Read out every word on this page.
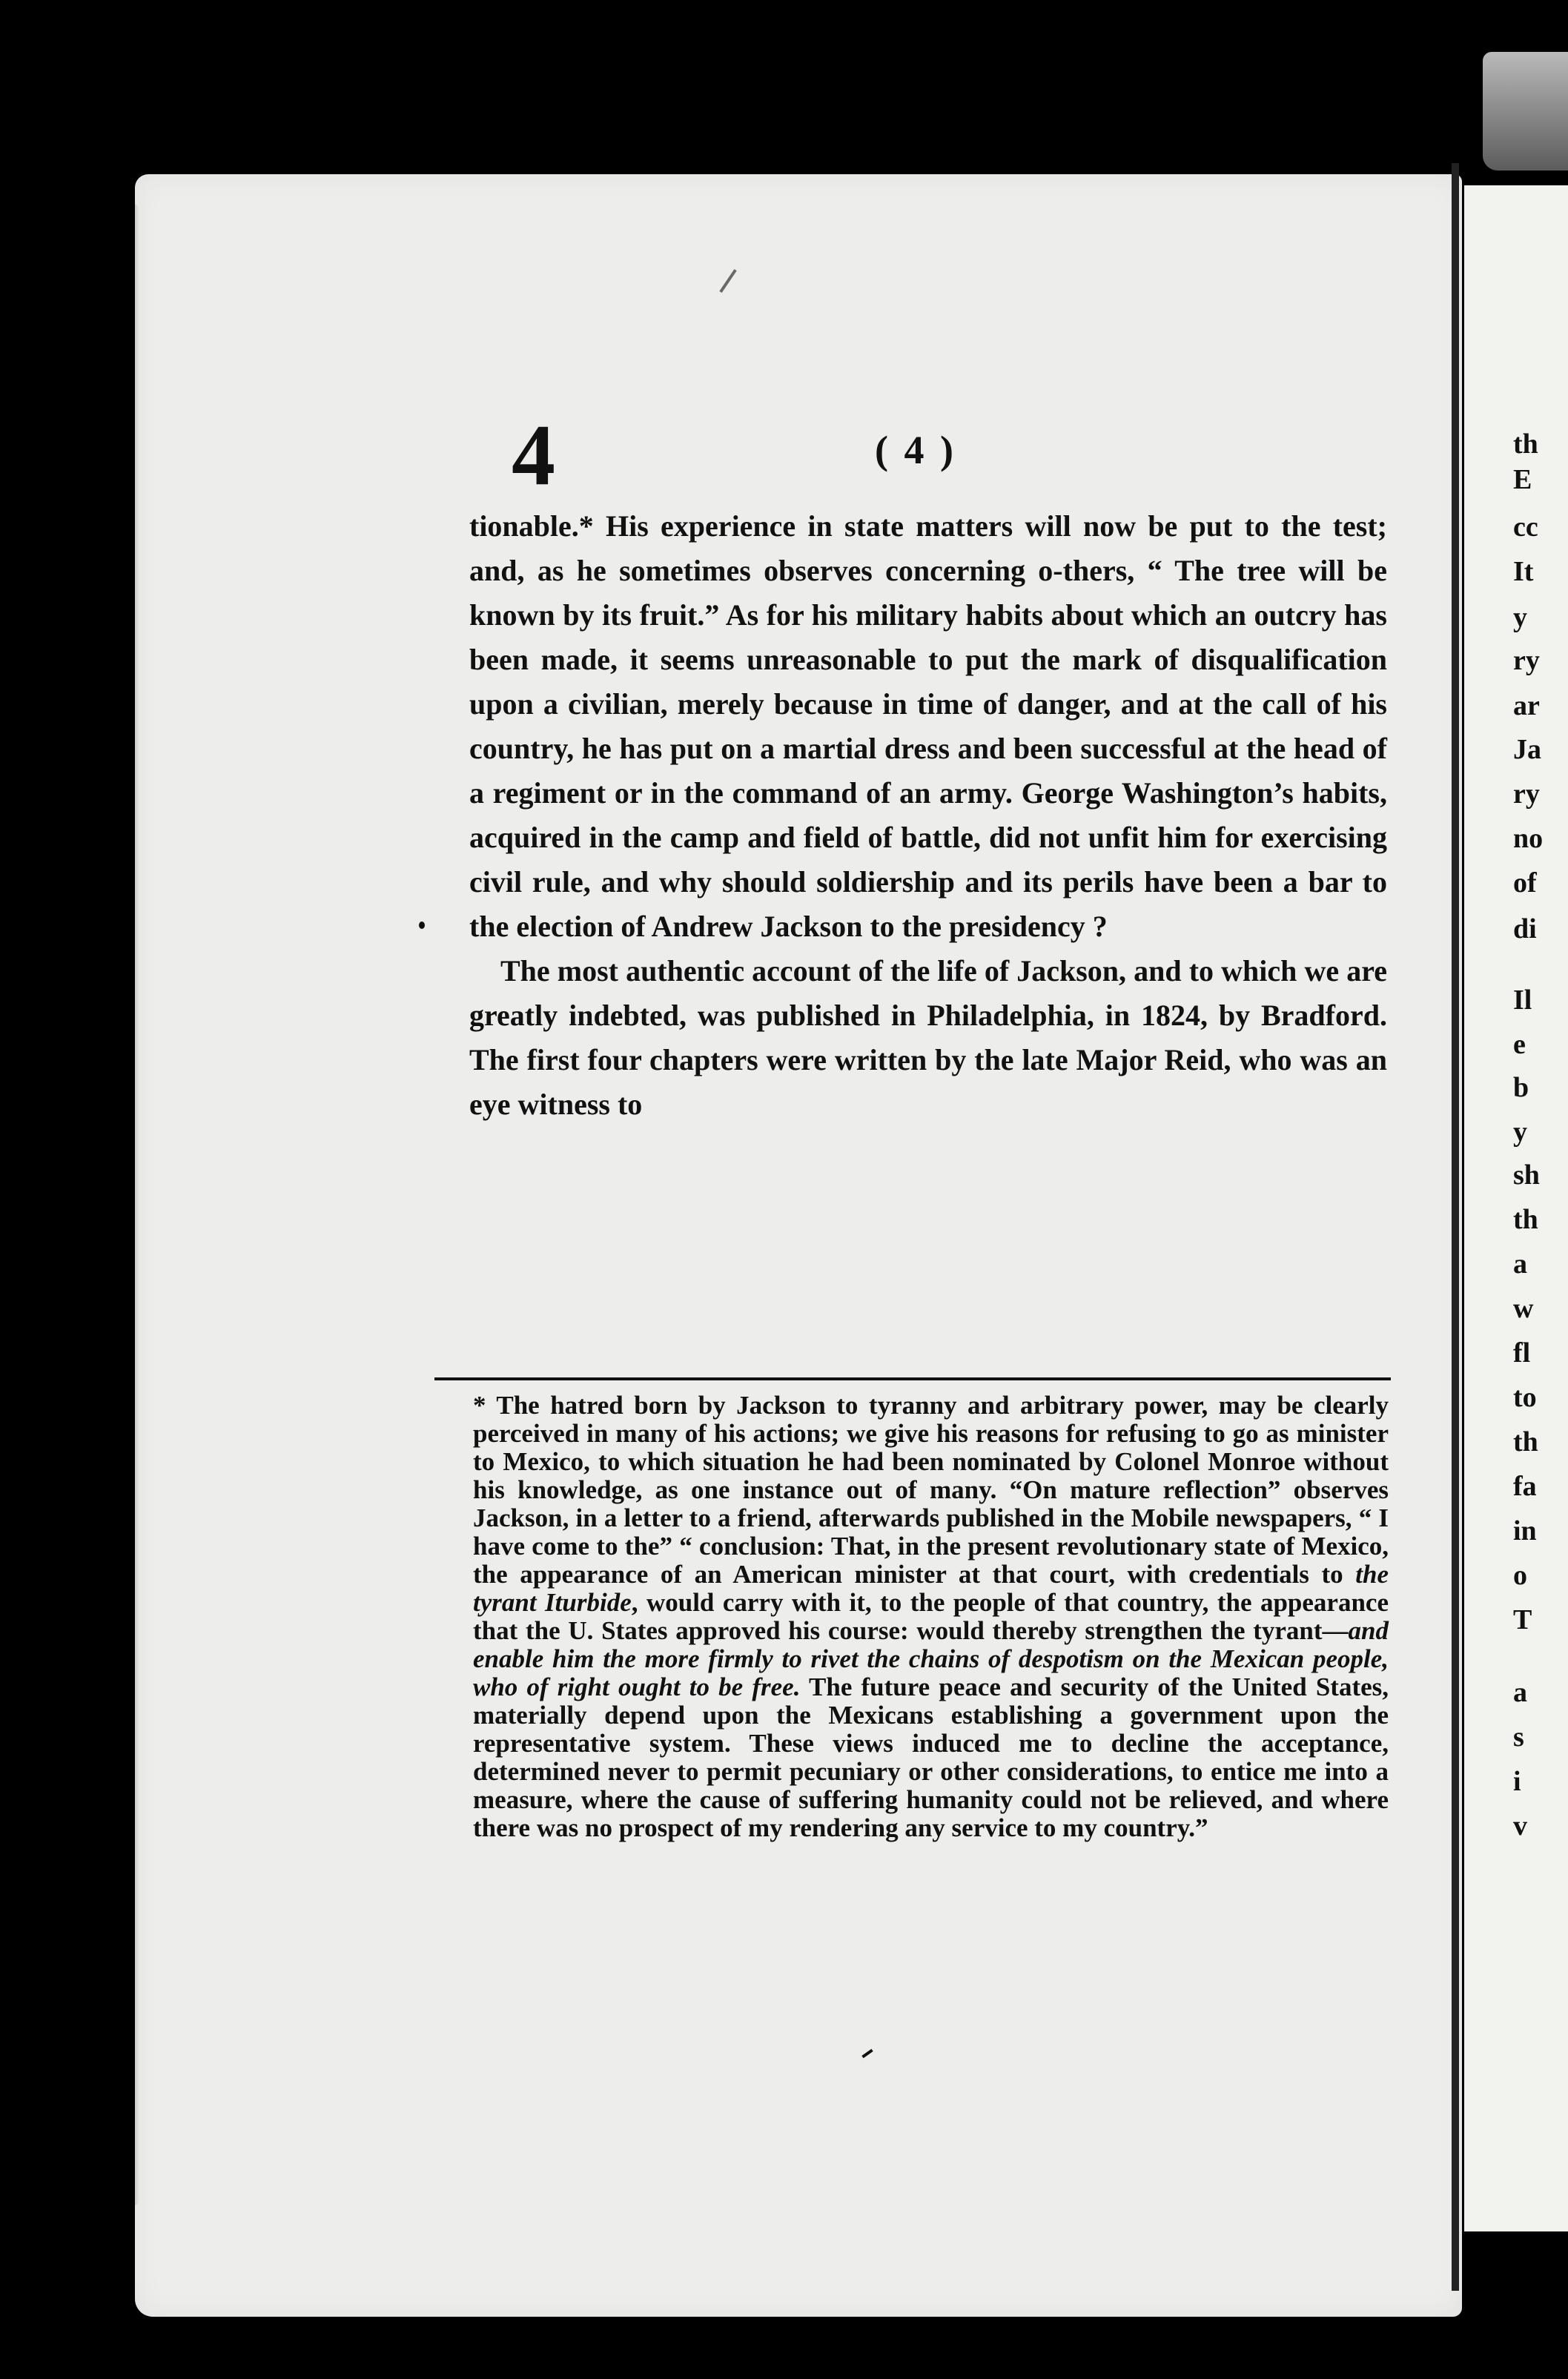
th
E
cc
It
y
ry
ar
Ja
ry
no
of
di
Il
e
b
y
sh
th
a
w
fl
to
th
fa
in
o
T
a
s
i
v
4	( 4 )

tionable.* His experience in state matters will now be put to the test; and, as he sometimes observes concerning o-thers, “ The tree will be known by its fruit.” As for his military habits about which an outcry has been made, it seems unreasonable to put the mark of disqualification upon a civilian, merely because in time of danger, and at the call of his country, he has put on a martial dress and been successful at the head of a regiment or in the command of an army. George Washington’s habits, acquired in the camp and field of battle, did not unfit him for exercising civil rule, and why should soldiership and its perils have been a bar to the election of Andrew Jackson to the presidency ?

The most authentic account of the life of Jackson, and to which we are greatly indebted, was published in Philadelphia, in 1824, by Bradford. The first four chapters were written by the late Major Reid, who was an eye witness to

* The hatred born by Jackson to tyranny and arbitrary power, may be clearly perceived in many of his actions; we give his reasons for refusing to go as minister to Mexico, to which situation he had been nominated by Colonel Monroe without his knowledge, as one instance out of many. “On mature reflection” observes Jackson, in a letter to a friend, afterwards published in the Mobile newspapers, “ I have come to the” “ conclusion: That, in the present revolutionary state of Mexico, the appearance of an American minister at that court, with credentials to the tyrant Iturbide, would carry with it, to the people of that country, the appearance that the U. States approved his course: would thereby strengthen the tyrant—and enable him the more firmly to rivet the chains of despotism on the Mexican people, who of right ought to be free. The future peace and security of the United States, materially depend upon the Mexicans establishing a government upon the representative system. These views induced me to decline the acceptance, determined never to permit pecuniary or other considerations, to entice me into a measure, where the cause of suffering humanity could not be relieved, and where there was no prospect of my rendering any service to my country.”
